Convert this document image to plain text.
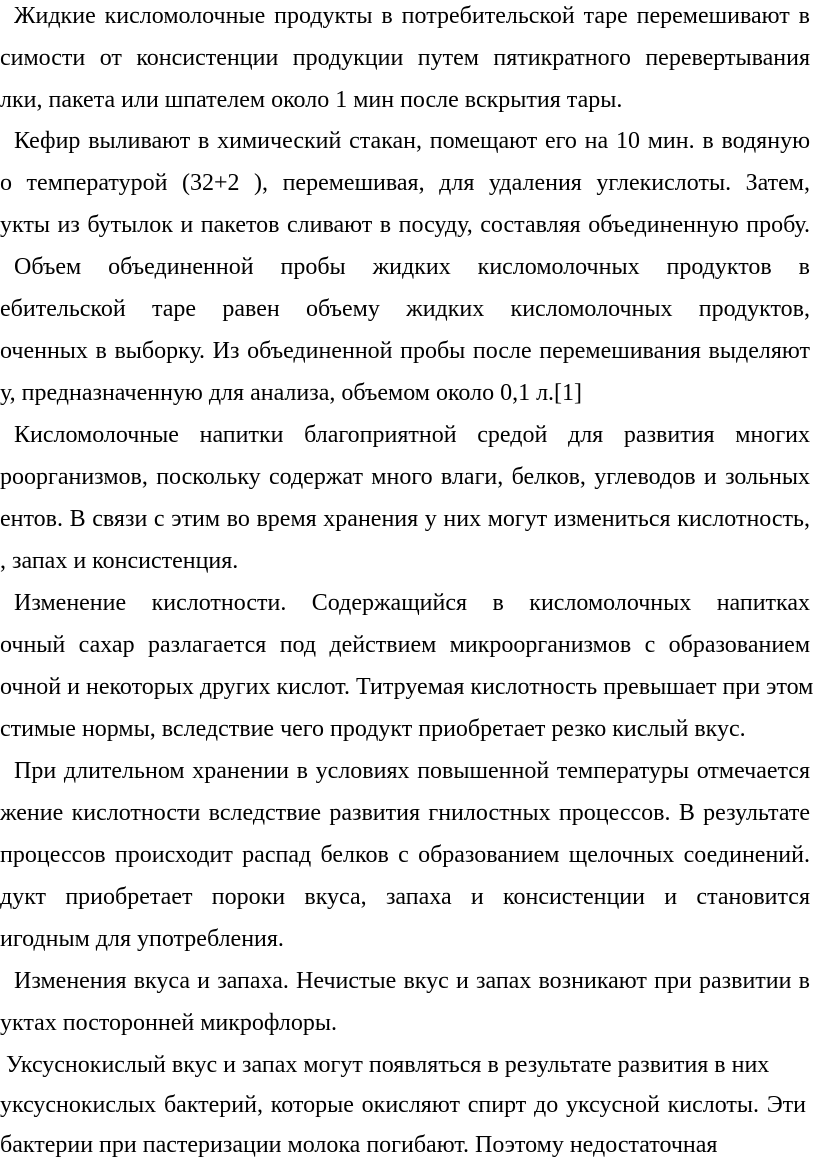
Жидкие кисломолочные продукты в потребительской таре перемешивают в
симости от консистенции продукции путем пятикратного перевертывания
лки, пакета или шпателем около 1 мин после вскрытия тары.
Кефир выливают в химический стакан, помещают его на 10 мин. в водяную
о температурой (32+2 ), перемешивая, для удаления углекислоты. Затем,
укты из бутылок и пакетов сливают в посуду, составляя объединенную пробу.
Объем объединенной пробы жидких кисломолочных продуктов в
ебительской таре равен объему жидких кисломолочных продуктов,
оченных в выборку. Из объединенной пробы после перемешивания выделяют
у, предназначенную для анализа, объемом около 0,1 л.[1]
Кисломолочные напитки благоприятной средой для развития многих
роорганизмов, поскольку содержат много влаги, белков, углеводов и зольных
ентов. В связи с этим во время хранения у них могут измениться кислотность,
, запах и консистенция.
Изменение кислотности. Содержащийся в кисломолочных напитках
очный сахар разлагается под действием микроорганизмов с образованием
очной и некоторых других кислот. Титруемая кислотность превышает при этом
стимые нормы, вследствие чего продукт приобретает резко кислый вкус.
При длительном хранении в условиях повышенной температуры отмечается
жение кислотности вследствие развития гнилостных процессов. В результате
процессов происходит распад белков с образованием щелочных соединений.
дукт приобретает пороки вкуса, запаха и консистенции и становится
игодным для употребления.
Изменения вкуса и запаха. Нечистые вкус и запах возникают при развитии в
уктах посторонней микрофлоры.
Уксуснокислый вкус и запах могут появляться в результате развития в них
уксуснокислых бактерий, которые окисляют спирт до уксусной кислоты. Эти
бактерии при пастеризации молока погибают. Поэтому недостаточная
